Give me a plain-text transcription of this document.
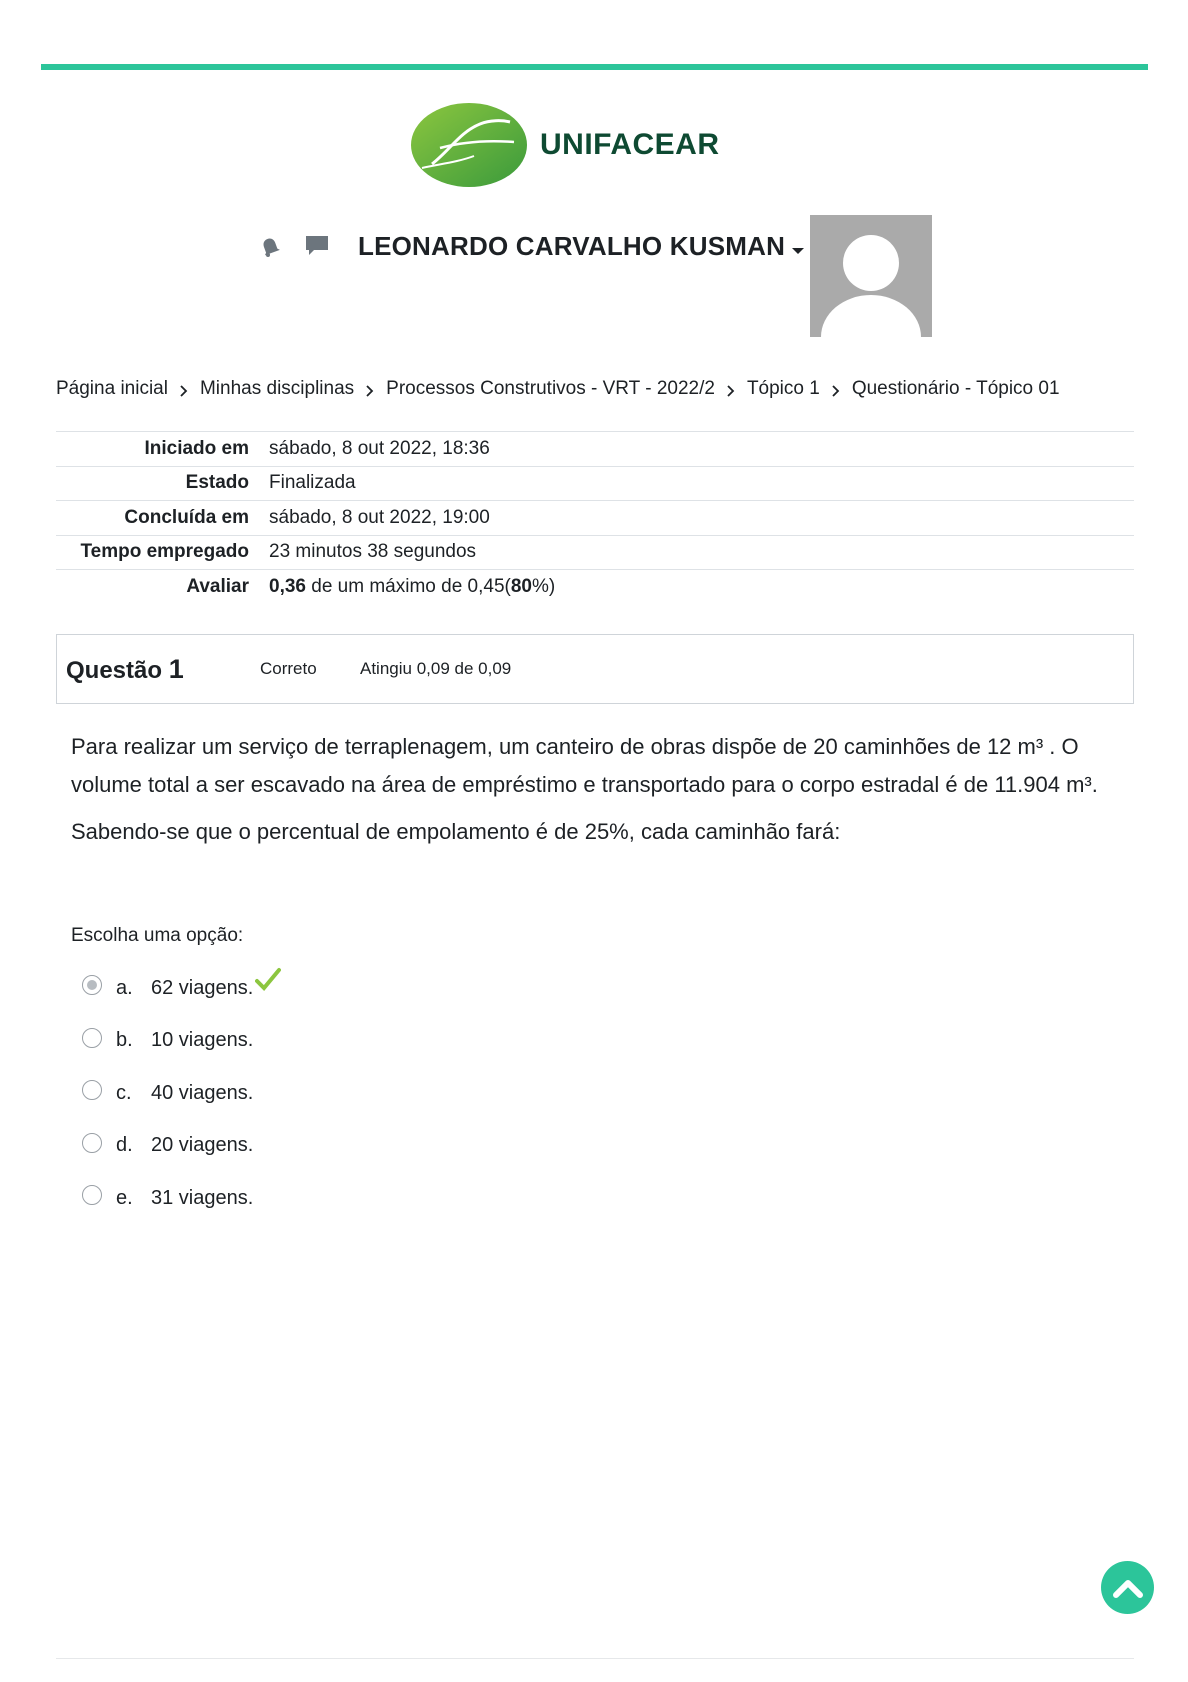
UNIFACEAR
LEONARDO CARVALHO KUSMAN
Página inicial Minhas disciplinas Processos Construtivos - VRT - 2022/2 Tópico 1 Questionário - Tópico 01
Iniciado em	sábado, 8 out 2022, 18:36
Estado	Finalizada
Concluída em	sábado, 8 out 2022, 19:00
Tempo empregado	23 minutos 38 segundos
Avaliar	0,36 de um máximo de 0,45(80%)
Questão 1	Correto	Atingiu 0,09 de 0,09

Para realizar um serviço de terraplenagem, um canteiro de obras dispõe de 20 caminhões de 12 m³ . O volume total a ser escavado na área de empréstimo e transportado para o corpo estradal é de 11.904 m³.

Sabendo-se que o percentual de empolamento é de 25%, cada caminhão fará:

Escolha uma opção:
a. 62 viagens.
b. 10 viagens.
c. 40 viagens.
d. 20 viagens.
e. 31 viagens.
